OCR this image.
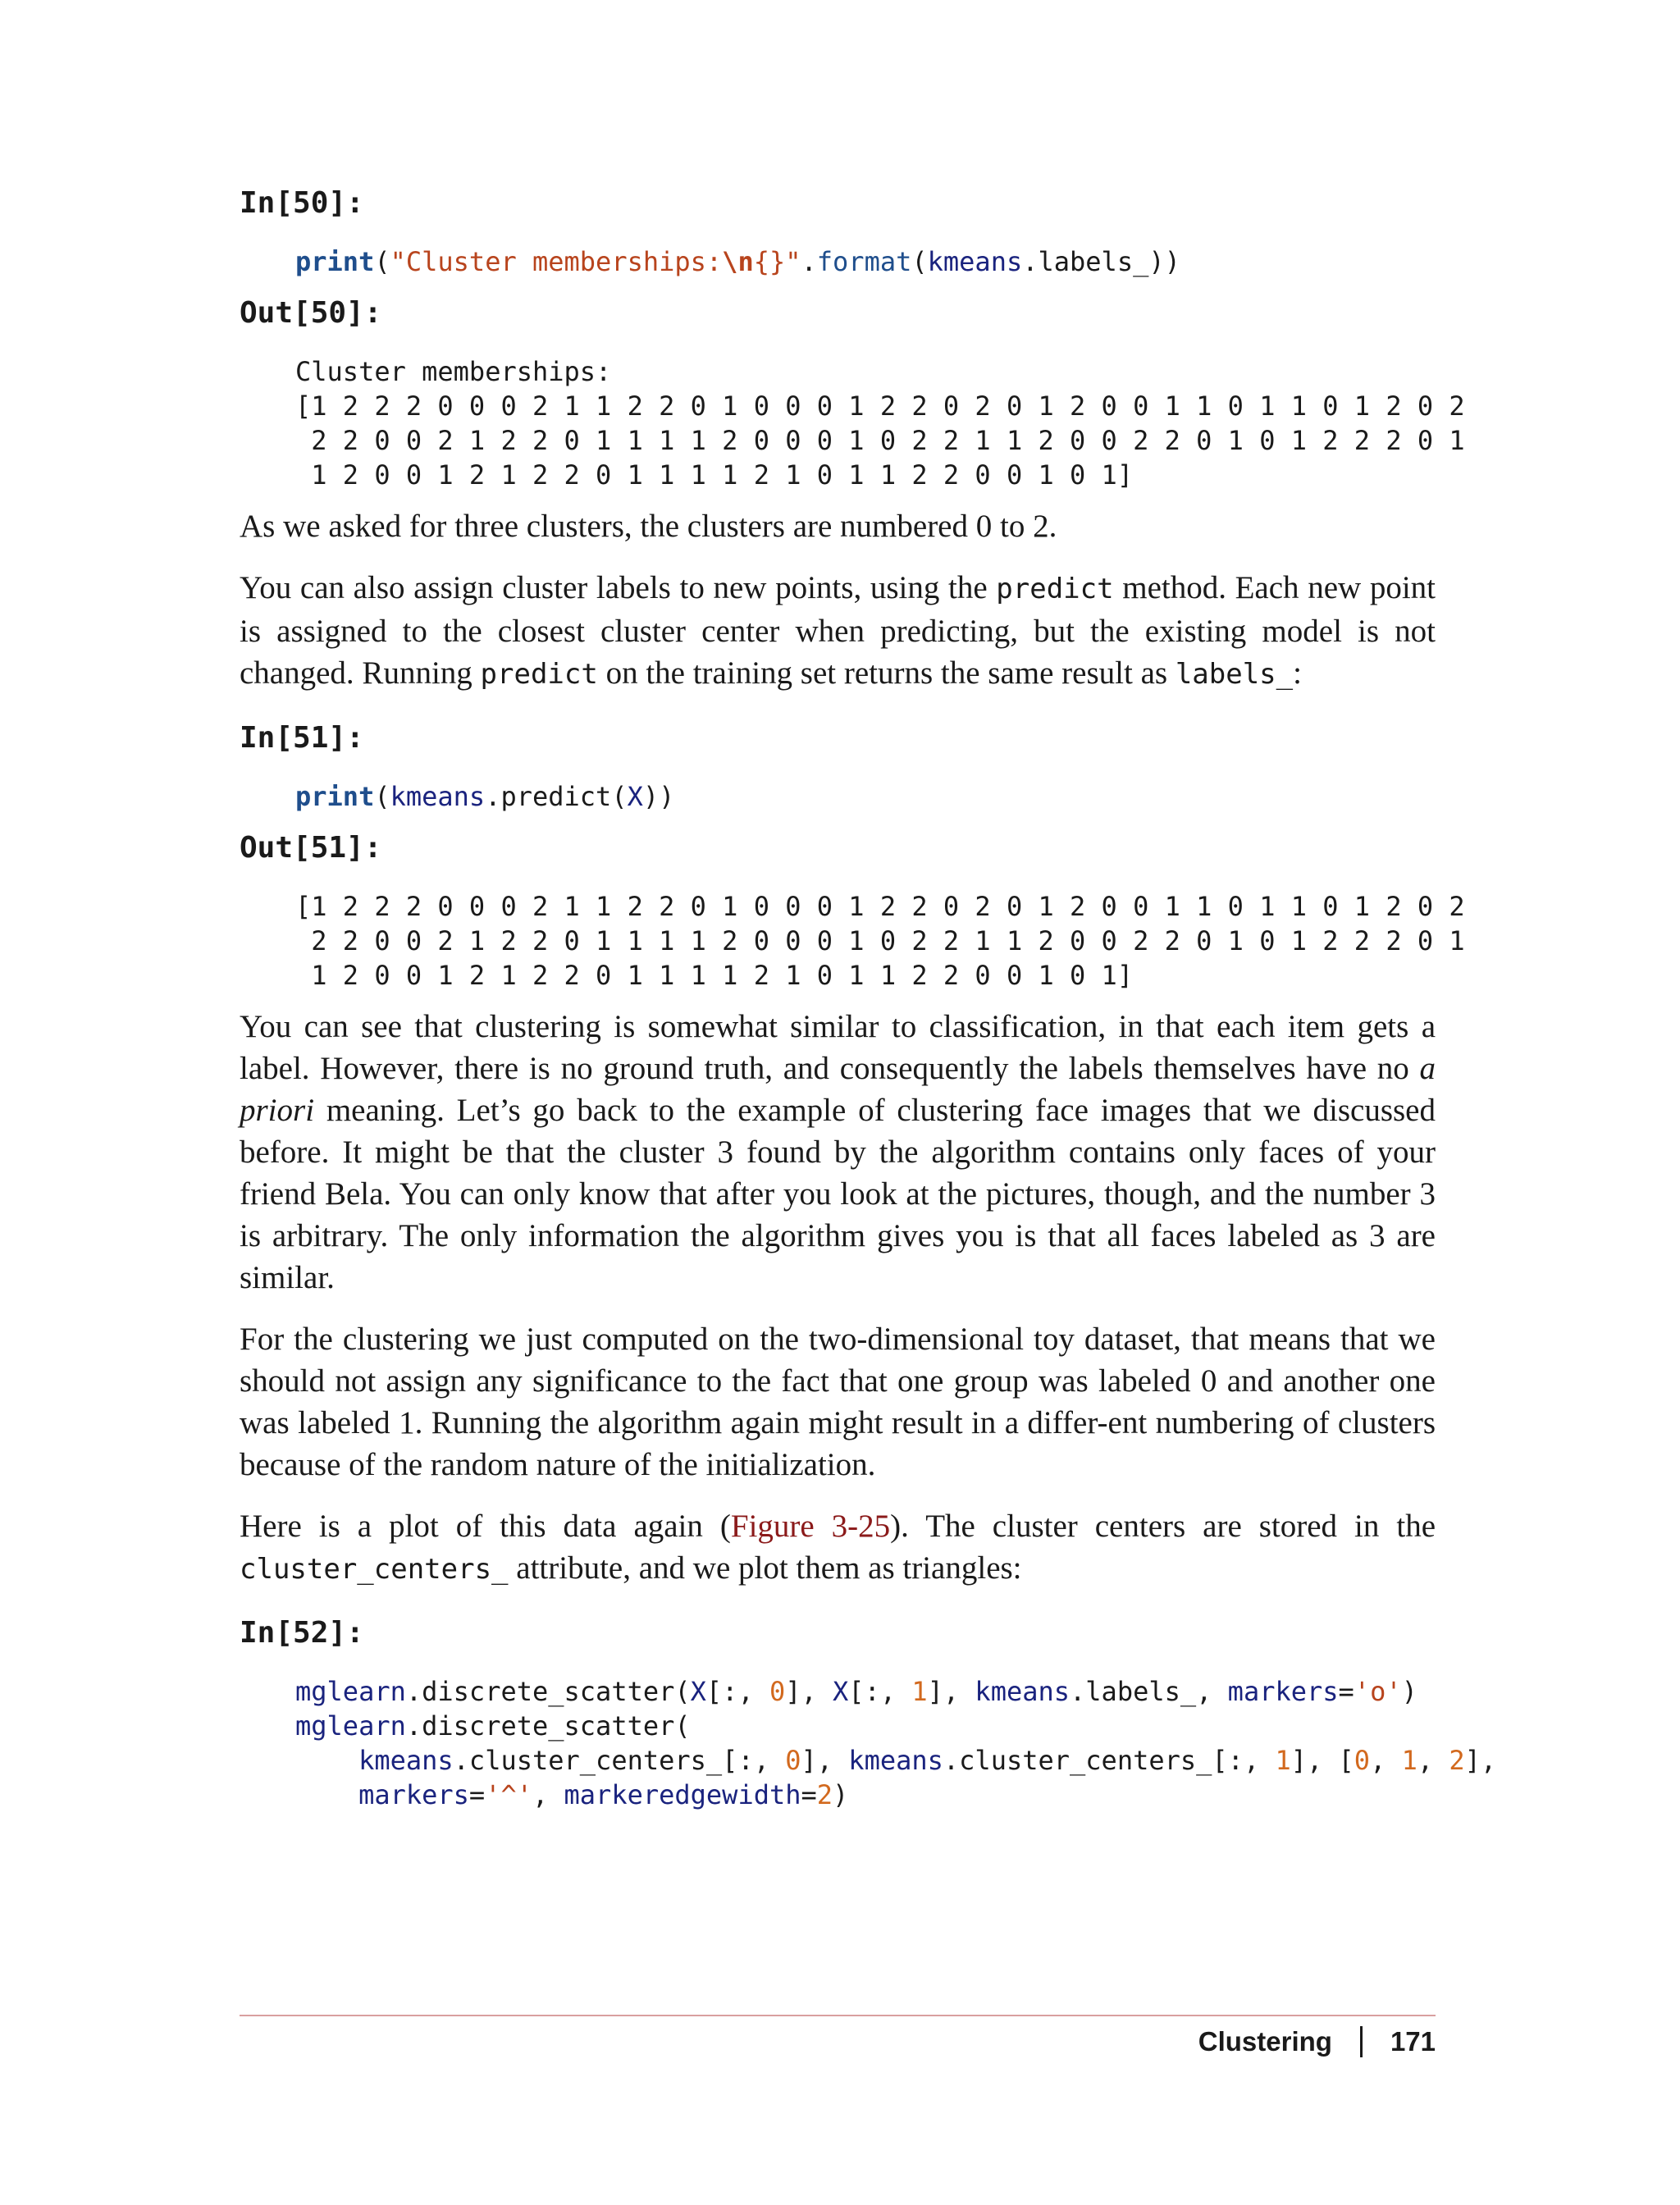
In[50]:

print("Cluster memberships:\n{}".format(kmeans.labels_))

Out[50]:

Cluster memberships:
[1 2 2 2 0 0 0 2 1 1 2 2 0 1 0 0 0 1 2 2 0 2 0 1 2 0 0 1 1 0 1 1 0 1 2 0 2
2 2 0 0 2 1 2 2 0 1 1 1 1 2 0 0 0 1 0 2 2 1 1 2 0 0 2 2 0 1 0 1 2 2 2 0 1
1 2 0 0 1 2 1 2 2 0 1 1 1 1 2 1 0 1 1 2 2 0 0 1 0 1]

As we asked for three clusters, the clusters are numbered 0 to 2.

You can also assign cluster labels to new points, using the predict method. Each new point is assigned to the closest cluster center when predicting, but the existing model is not changed. Running predict on the training set returns the same result as labels_:

In[51]:

print(kmeans.predict(X))

Out[51]:

[1 2 2 2 0 0 0 2 1 1 2 2 0 1 0 0 0 1 2 2 0 2 0 1 2 0 0 1 1 0 1 1 0 1 2 0 2
2 2 0 0 2 1 2 2 0 1 1 1 1 2 0 0 0 1 0 2 2 1 1 2 0 0 2 2 0 1 0 1 2 2 2 0 1
1 2 0 0 1 2 1 2 2 0 1 1 1 1 2 1 0 1 1 2 2 0 0 1 0 1]

You can see that clustering is somewhat similar to classification, in that each item gets a label. However, there is no ground truth, and consequently the labels themselves have no a priori meaning. Let’s go back to the example of clustering face images that we discussed before. It might be that the cluster 3 found by the algorithm contains only faces of your friend Bela. You can only know that after you look at the pictures, though, and the number 3 is arbitrary. The only information the algorithm gives you is that all faces labeled as 3 are similar.

For the clustering we just computed on the two-dimensional toy dataset, that means that we should not assign any significance to the fact that one group was labeled 0 and another one was labeled 1. Running the algorithm again might result in a differ-ent numbering of clusters because of the random nature of the initialization.

Here is a plot of this data again (Figure 3-25). The cluster centers are stored in the cluster_centers_ attribute, and we plot them as triangles:

In[52]:

mglearn.discrete_scatter(X[:, 0], X[:, 1], kmeans.labels_, markers='o')
mglearn.discrete_scatter(
kmeans.cluster_centers_[:, 0], kmeans.cluster_centers_[:, 1], [0, 1, 2],
markers='^', markeredgewidth=2)
Clustering 171
